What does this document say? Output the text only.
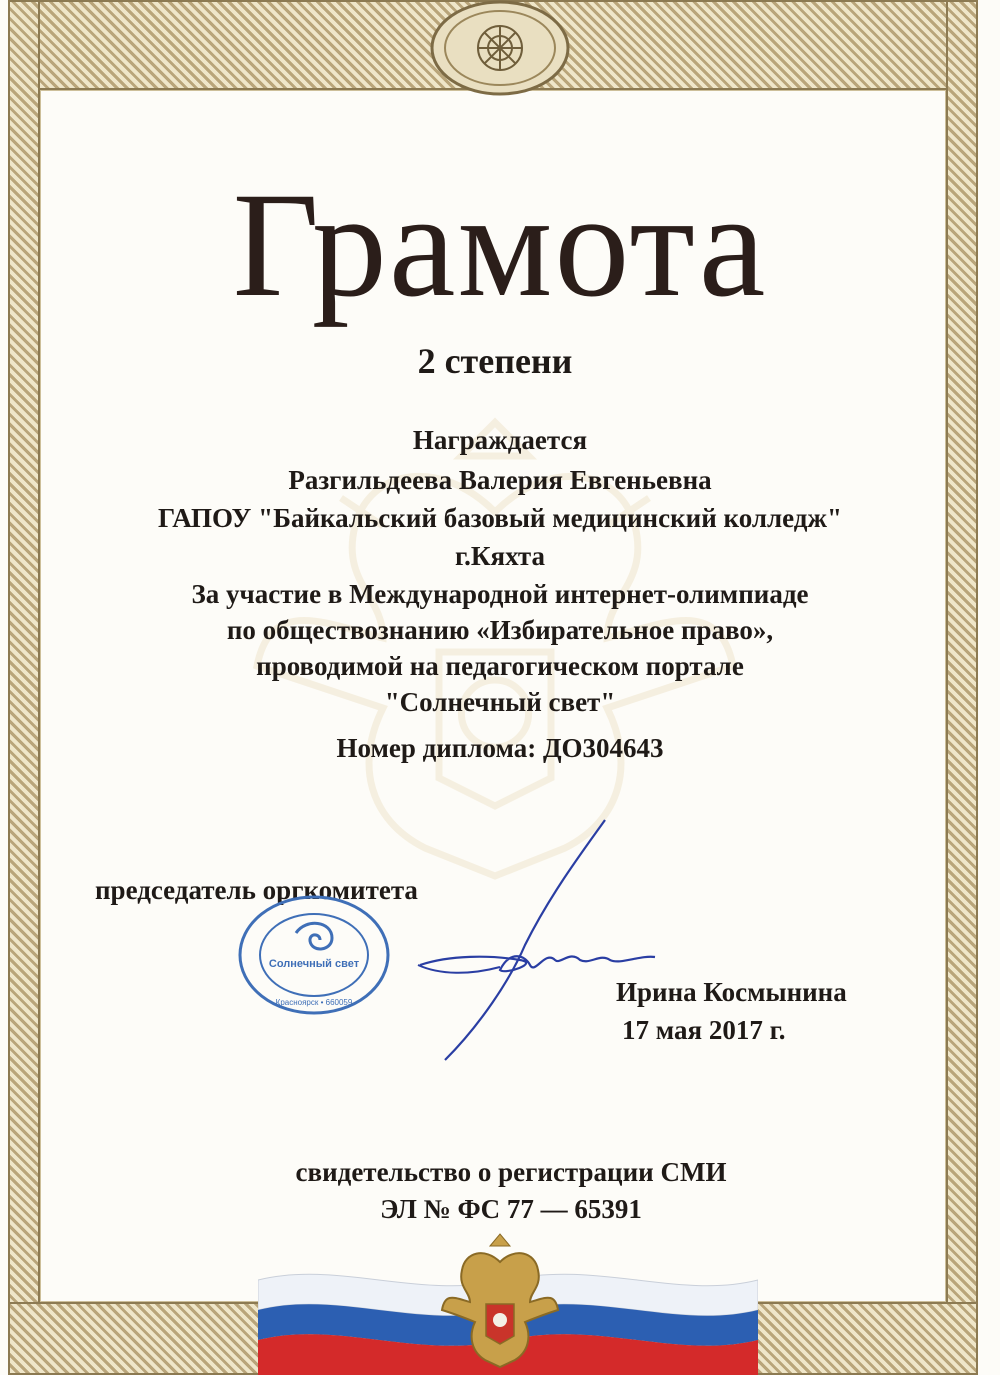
Грамота
2 степени
Награждается
Разгильдеева Валерия Евгеньевна
ГАПОУ "Байкальский базовый медицинский колледж"
г.Кяхта
За участие в Международной интернет-олимпиаде
по обществознанию «Избирательное право»,
проводимой на педагогическом портале
"Солнечный свет"
Номер диплома: ДО304643
председатель оргкомитета
Солнечный свет
Красноярск • 660059	Ирина Космынина
17 мая 2017 г.
свидетельство о регистрации СМИ
ЭЛ № ФС 77 — 65391
